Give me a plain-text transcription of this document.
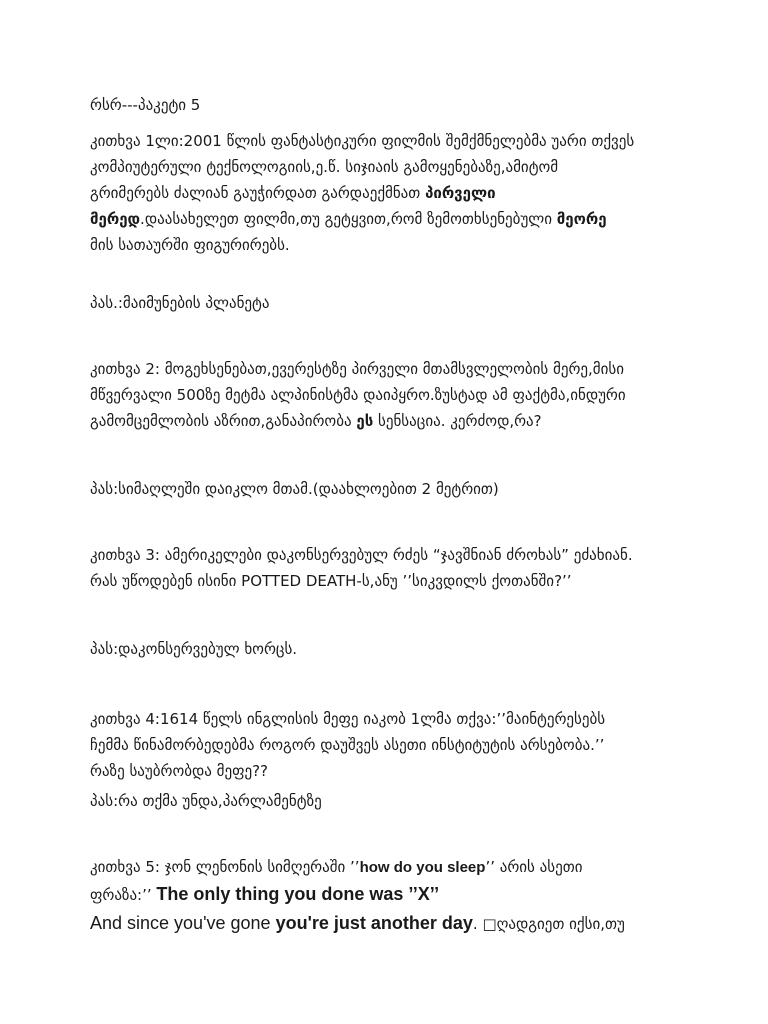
რსრ---პაკეტი 5
კითხვა 1ლი:2001 წლის ფანტასტიკური ფილმის შემქმნელებმა უარი თქვეს
კომპიუტერული ტექნოლოგიის,ე.წ. სიჯიაის გამოყენებაზე,ამიტომ
გრიმერებს ძალიან გაუჭირდათ გარდაექმნათ პირველი
მერედ.დაასახელეთ ფილმი,თუ გეტყვით,რომ ზემოთხსენებული მეორე
მის სათაურში ფიგურირებს.
პას.:მაიმუნების პლანეტა
კითხვა 2: მოგეხსენებათ,ევერესტზე პირველი მთამსვლელობის მერე,მისი
მწვერვალი 500ზე მეტმა ალპინისტმა დაიპყრო.ზუსტად ამ ფაქტმა,ინდური
გამომცემლობის აზრით,განაპირობა ეს სენსაცია. კერძოდ,რა?
პას:სიმაღლეში დაიკლო მთამ.(დაახლოებით 2 მეტრით)
კითხვა 3: ამერიკელები დაკონსერვებულ რძეს “ჯავშნიან ძროხას” ეძახიან.
რას უწოდებენ ისინი POTTED DEATH-ს,ანუ ’’სიკვდილს ქოთანში?’’
პას:დაკონსერვებულ ხორცს.
კითხვა 4:1614 წელს ინგლისის მეფე იაკობ 1ლმა თქვა:’’მაინტერესებს
ჩემმა წინამორბედებმა როგორ დაუშვეს ასეთი ინსტიტუტის არსებობა.’’
რაზე საუბრობდა მეფე??
პას:რა თქმა უნდა,პარლამენტზე
კითხვა 5: ჯონ ლენონის სიმღერაში ’’how do you sleep’’ არის ასეთი
ფრაზა:’’ The only thing you done was ’’X’’
And since you've gone you're just another day. □ღადგიეთ იქსი,თუ
